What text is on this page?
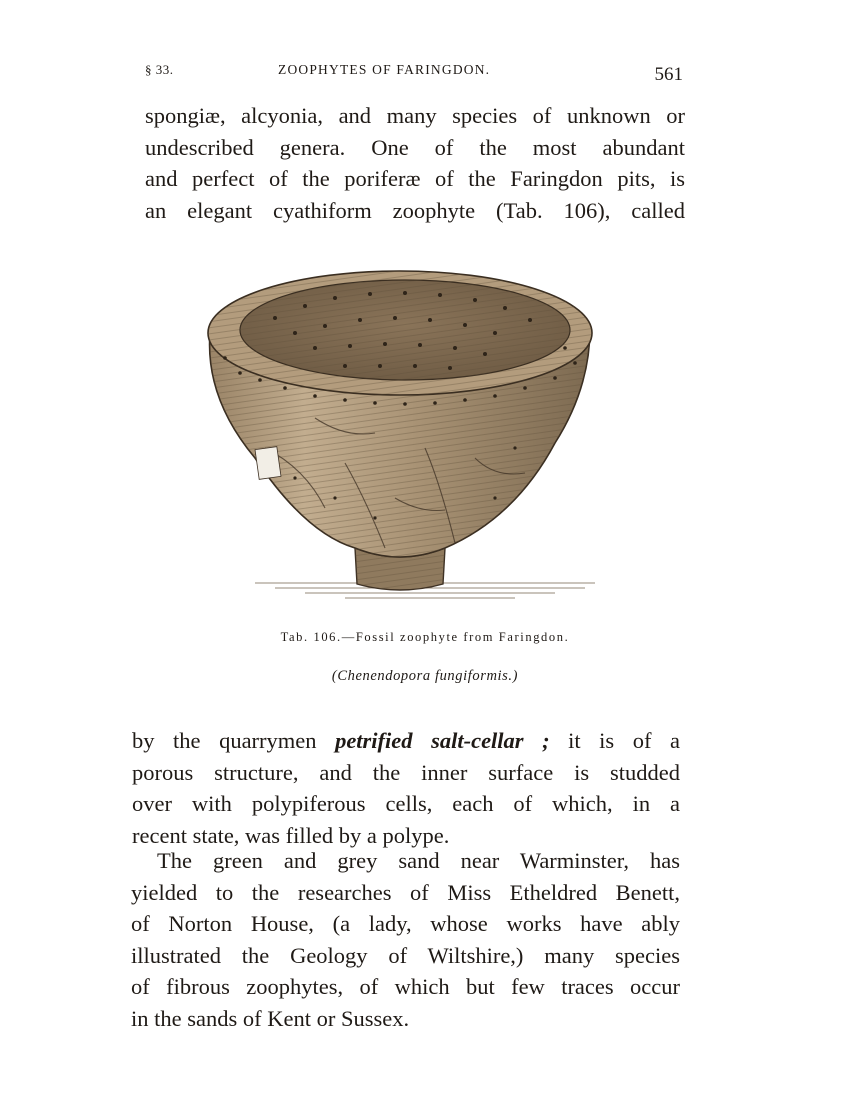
§ 33.	ZOOPHYTES OF FARINGDON.	561

spongiæ, alcyonia, and many species of unknown or
undescribed genera. One of the most abundant
and perfect of the poriferæ of the Faringdon pits, is
an elegant cyathiform zoophyte (Tab. 106), called

Tab. 106.—Fossil zoophyte from Faringdon.
(Chenendopora fungiformis.)

by the quarrymen petrified salt-cellar ; it is of a
porous structure, and the inner surface is studded
over with polypiferous cells, each of which, in a
recent state, was filled by a polype.

The green and grey sand near Warminster, has
yielded to the researches of Miss Etheldred Benett,
of Norton House, (a lady, whose works have ably
illustrated the Geology of Wiltshire,) many species
of fibrous zoophytes, of which but few traces occur
in the sands of Kent or Sussex.
